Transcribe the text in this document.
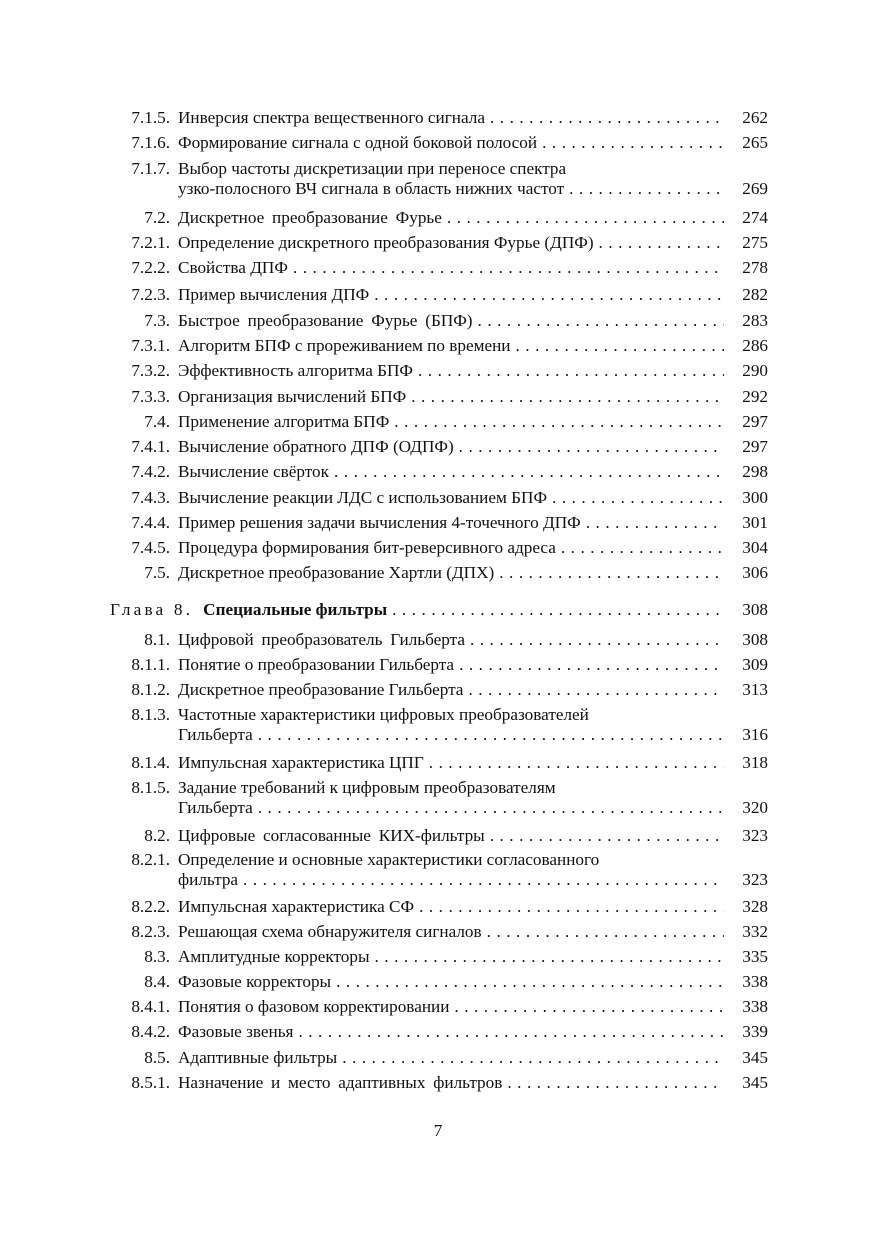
7.1.5. Инверсия спектра вещественного сигнала . . .	262
7.1.6. Формирование сигнала с одной боковой полосой . . .	265
7.1.7. Выбор частоты дискретизации при переносе спектра
узко-полосного ВЧ сигнала в область нижних частот . . .	269
7.2. Дискретное преобразование Фурье . . .	274
7.2.1. Определение дискретного преобразования Фурье (ДПФ) . . .	275
7.2.2. Свойства ДПФ . . .	278
7.2.3. Пример вычисления ДПФ . . .	282
7.3. Быстрое преобразование Фурье (БПФ) . . .	283
7.3.1. Алгоритм БПФ с прореживанием по времени . . .	286
7.3.2. Эффективность алгоритма БПФ . . .	290
7.3.3. Организация вычислений БПФ . . .	292
7.4. Применение алгоритма БПФ . . .	297
7.4.1. Вычисление обратного ДПФ (ОДПФ) . . .	297
7.4.2. Вычисление свёрток . . .	298
7.4.3. Вычисление реакции ЛДС с использованием БПФ . . .	300
7.4.4. Пример решения задачи вычисления 4-точечного ДПФ . . .	301
7.4.5. Процедура формирования бит-реверсивного адреса . . .	304
7.5. Дискретное преобразование Хартли (ДПХ) . . .	306
Глава 8. Специальные фильтры . . .	308
8.1. Цифровой преобразователь Гильберта . . .	308
8.1.1. Понятие о преобразовании Гильберта . . .	309
8.1.2. Дискретное преобразование Гильберта . . .	313
8.1.3. Частотные характеристики цифровых преобразователей
Гильберта . . .	316
8.1.4. Импульсная характеристика ЦПГ . . .	318
8.1.5. Задание требований к цифровым преобразователям
Гильберта . . .	320
8.2. Цифровые согласованные КИХ-фильтры . . .	323
8.2.1. Определение и основные характеристики согласованного
фильтра . . .	323
8.2.2. Импульсная характеристика СФ . . .	328
8.2.3. Решающая схема обнаружителя сигналов . . .	332
8.3. Амплитудные корректоры . . .	335
8.4. Фазовые корректоры . . .	338
8.4.1. Понятия о фазовом корректировании . . .	338
8.4.2. Фазовые звенья . . .	339
8.5. Адаптивные фильтры . . .	345
8.5.1. Назначение и место адаптивных фильтров . . .	345
7
